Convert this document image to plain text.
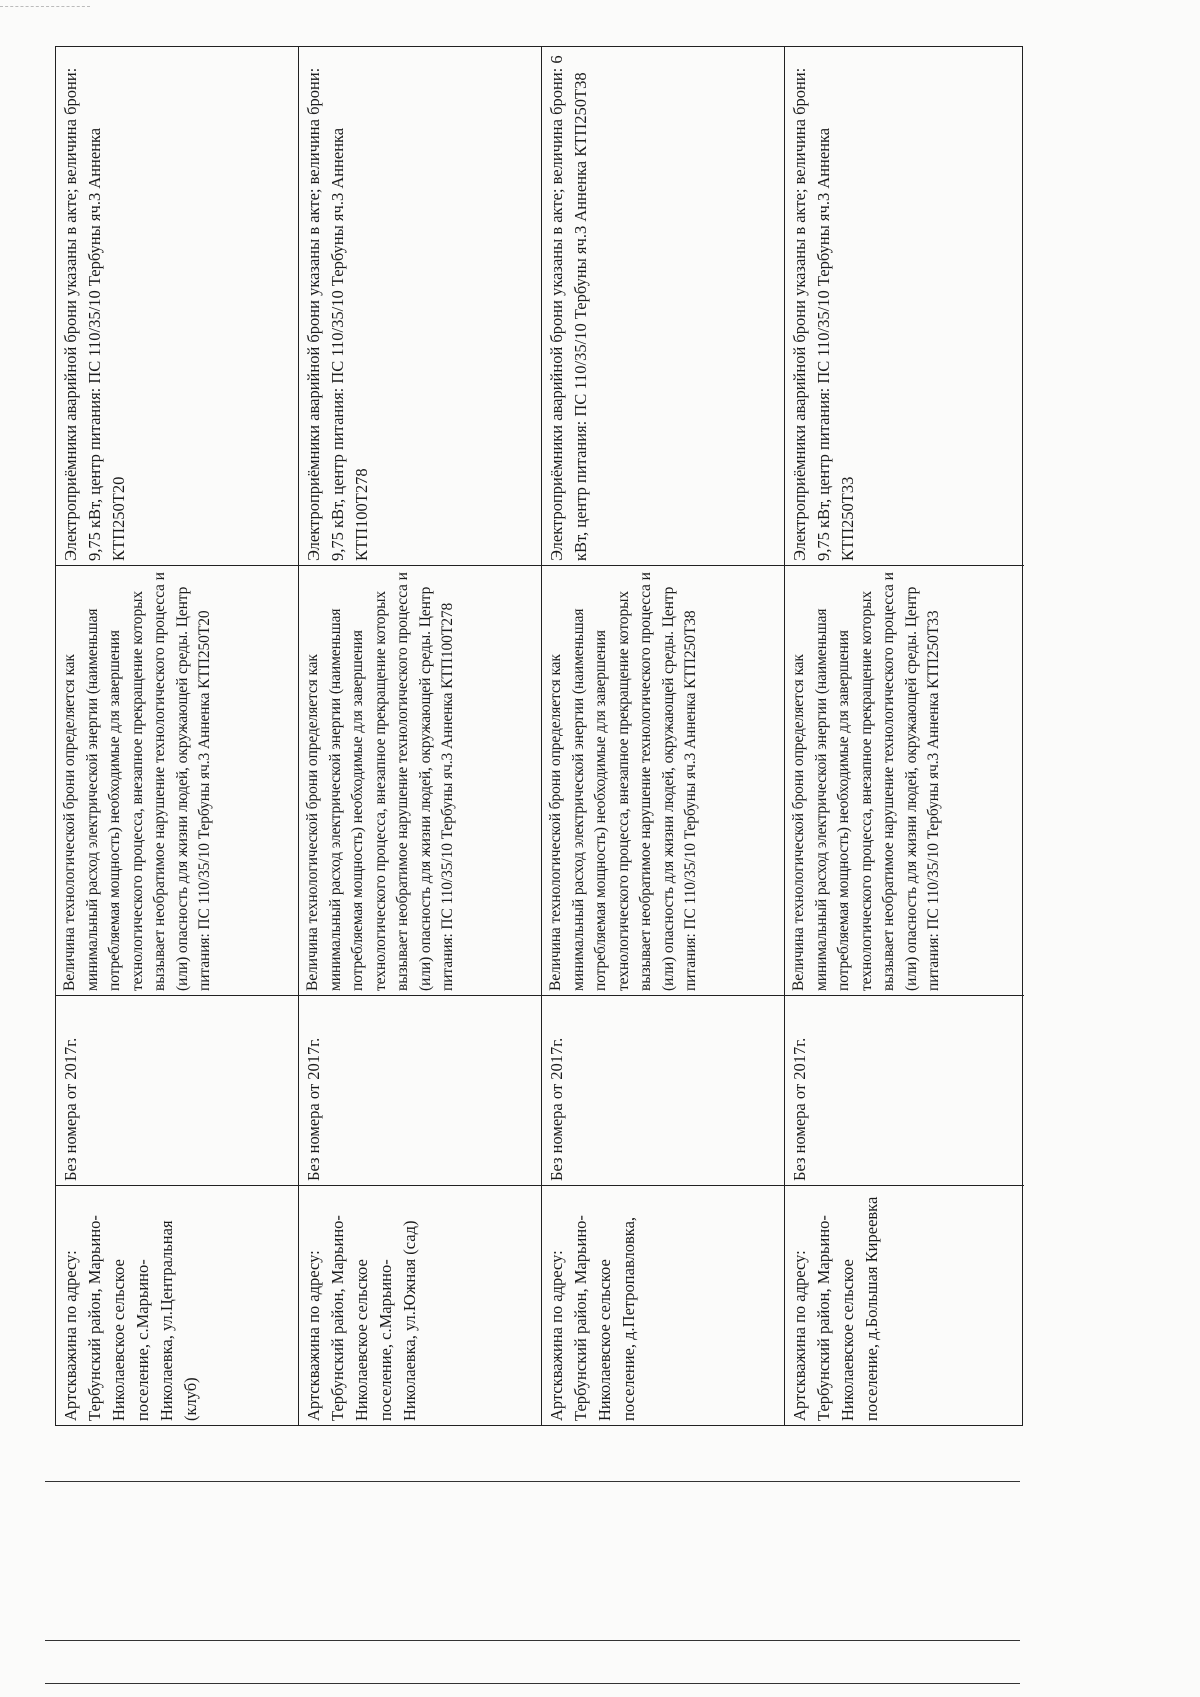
Артскважина по адресу: Тербунский район, Марьино-Николаевское сельское поселение, с.Марьино-Николаевка, ул.Центральная (клуб)
Без номера от 2017г.
Величина технологической брони определяется как минимальный расход электрической энергии (наименьшая потребляемая мощность) необходимые для завершения технологического процесса, внезапное прекращение которых вызывает необратимое нарушение технологического процесса и (или) опасность для жизни людей, окружающей среды. Центр питания: ПС 110/35/10 Тербуны яч.3 Анненка КТП250Т20
Электроприёмники аварийной брони указаны в акте; величина брони: 9,75 кВт, центр питания: ПС 110/35/10 Тербуны яч.3 Анненка КТП250Т20
Артскважина по адресу: Тербунский район, Марьино-Николаевское сельское поселение, с.Марьино-Николаевка, ул.Южная (сад)
Без номера от 2017г.
Величина технологической брони определяется как минимальный расход электрической энергии (наименьшая потребляемая мощность) необходимые для завершения технологического процесса, внезапное прекращение которых вызывает необратимое нарушение технологического процесса и (или) опасность для жизни людей, окружающей среды. Центр питания: ПС 110/35/10 Тербуны яч.3 Анненка КТП100Т278
Электроприёмники аварийной брони указаны в акте; величина брони: 9,75 кВт, центр питания: ПС 110/35/10 Тербуны яч.3 Анненка КТП100Т278
Артскважина по адресу: Тербунский район, Марьино-Николаевское сельское поселение, д.Петропавловка,
Без номера от 2017г.
Величина технологической брони определяется как минимальный расход электрической энергии (наименьшая потребляемая мощность) необходимые для завершения технологического процесса, внезапное прекращение которых вызывает необратимое нарушение технологического процесса и (или) опасность для жизни людей, окружающей среды. Центр питания: ПС 110/35/10 Тербуны яч.3 Анненка КТП250Т38
Электроприёмники аварийной брони указаны в акте; величина брони: 6 кВт, центр питания: ПС 110/35/10 Тербуны яч.3 Анненка КТП250Т38
Артскважина по адресу: Тербунский район, Марьино-Николаевское сельское поселение, д.Большая Киреевка
Без номера от 2017г.
Величина технологической брони определяется как минимальный расход электрической энергии (наименьшая потребляемая мощность) необходимые для завершения технологического процесса, внезапное прекращение которых вызывает необратимое нарушение технологического процесса и (или) опасность для жизни людей, окружающей среды. Центр питания: ПС 110/35/10 Тербуны яч.3 Анненка КТП250Т33
Электроприёмники аварийной брони указаны в акте; величина брони: 9,75 кВт, центр питания: ПС 110/35/10 Тербуны яч.3 Анненка КТП250Т33
